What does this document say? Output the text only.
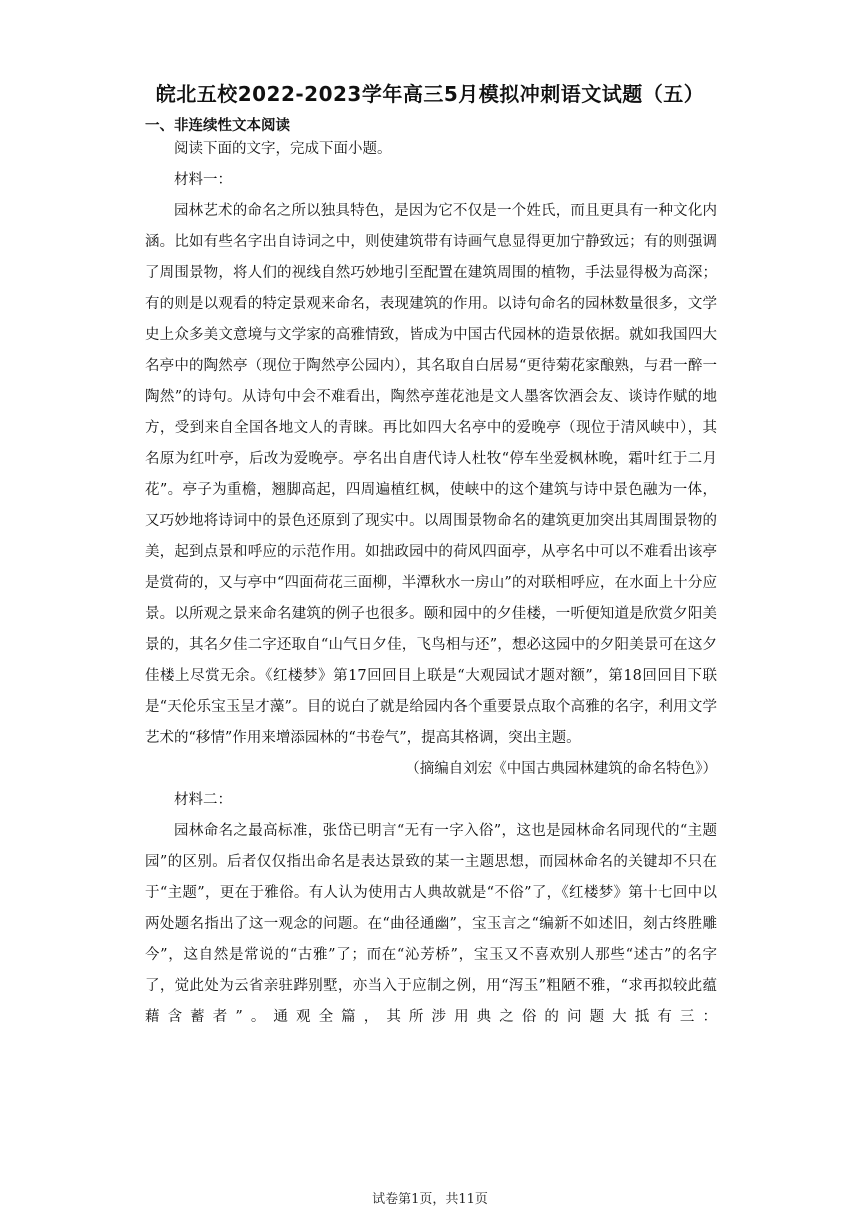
皖北五校2022-2023学年高三5月模拟冲刺语文试题（五）
一、非连续性文本阅读

阅读下面的文字，完成下面小题。

材料一：

园林艺术的命名之所以独具特色，是因为它不仅是一个姓氏，而且更具有一种文化内涵。比如有些名字出自诗词之中，则使建筑带有诗画气息显得更加宁静致远；有的则强调了周围景物，将人们的视线自然巧妙地引至配置在建筑周围的植物，手法显得极为高深；有的则是以观看的特定景观来命名，表现建筑的作用。以诗句命名的园林数量很多，文学史上众多美文意境与文学家的高雅情致，皆成为中国古代园林的造景依据。就如我国四大名亭中的陶然亭（现位于陶然亭公园内），其名取自白居易“更待菊花家酿熟，与君一醉一陶然”的诗句。从诗句中会不难看出，陶然亭莲花池是文人墨客饮酒会友、谈诗作赋的地方，受到来自全国各地文人的青睐。再比如四大名亭中的爱晚亭（现位于清风峡中），其名原为红叶亭，后改为爱晚亭。亭名出自唐代诗人杜牧“停车坐爱枫林晚，霜叶红于二月花”。亭子为重檐，翘脚高起，四周遍植红枫，使峡中的这个建筑与诗中景色融为一体，又巧妙地将诗词中的景色还原到了现实中。以周围景物命名的建筑更加突出其周围景物的美，起到点景和呼应的示范作用。如拙政园中的荷风四面亭，从亭名中可以不难看出该亭是赏荷的，又与亭中“四面荷花三面柳，半潭秋水一房山”的对联相呼应，在水面上十分应景。以所观之景来命名建筑的例子也很多。颐和园中的夕佳楼，一听便知道是欣赏夕阳美景的，其名夕佳二字还取自“山气日夕佳，飞鸟相与还”，想必这园中的夕阳美景可在这夕佳楼上尽赏无余。《红楼梦》第17回回目上联是“大观园试才题对额”，第18回回目下联是“天伦乐宝玉呈才藻”。目的说白了就是给园内各个重要景点取个高雅的名字，利用文学艺术的“移情”作用来增添园林的“书卷气”，提高其格调，突出主题。

（摘编自刘宏《中国古典园林建筑的命名特色》）

材料二：

园林命名之最高标准，张岱已明言“无有一字入俗”，这也是园林命名同现代的“主题园”的区别。后者仅仅指出命名是表达景致的某一主题思想，而园林命名的关键却不只在于“主题”，更在于雅俗。有人认为使用古人典故就是“不俗”了，《红楼梦》第十七回中以两处题名指出了这一观念的问题。在“曲径通幽”，宝玉言之“编新不如述旧，刻古终胜雕今”，这自然是常说的“古雅”了；而在“沁芳桥”，宝玉又不喜欢别人那些“述古”的名字了，觉此处为云省亲驻跸别墅，亦当入于应制之例，用“泻玉”粗陋不雅，“求再拟较此蕴藉含蓄者”。通观全篇，其所涉用典之俗的问题大抵有三：

试卷第1页，共11页
